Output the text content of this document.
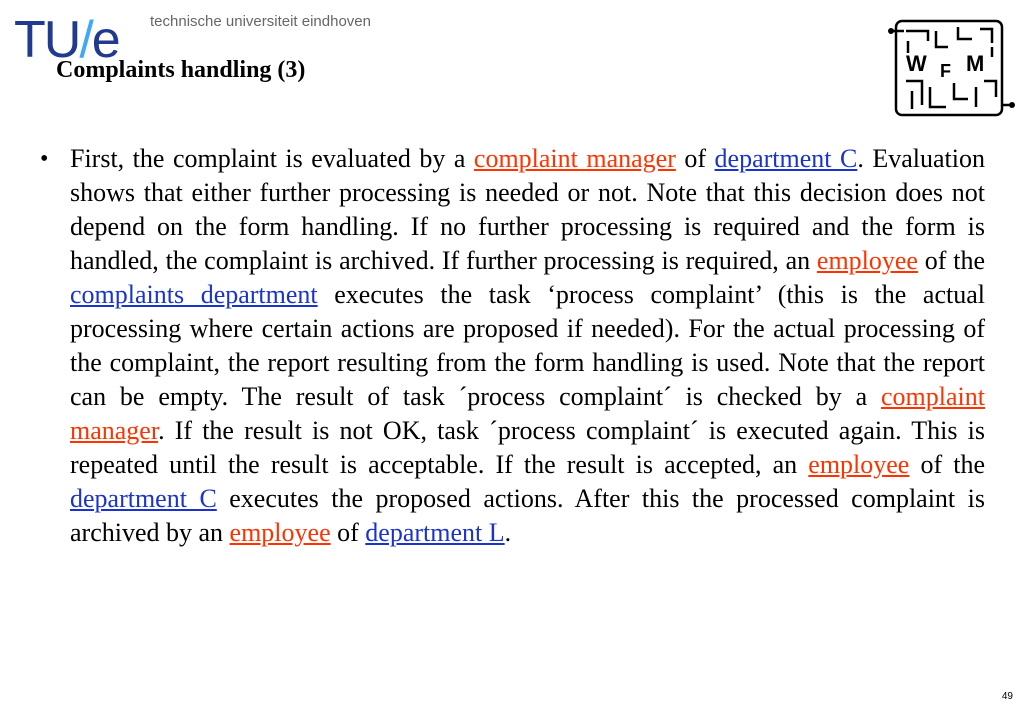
TU/e technische universiteit eindhoven
Complaints handling (3)	W F M
• First, the complaint is evaluated by a complaint manager of department C. Evaluation shows that either further processing is needed or not. Note that this decision does not depend on the form handling. If no further processing is required and the form is handled, the complaint is archived. If further processing is required, an employee of the complaints department executes the task ‘process complaint’ (this is the actual processing where certain actions are proposed if needed). For the actual processing of the complaint, the report resulting from the form handling is used. Note that the report can be empty. The result of task ´process complaint´ is checked by a complaint manager. If the result is not OK, task ´process complaint´ is executed again. This is repeated until the result is acceptable. If the result is accepted, an employee of the department C executes the proposed actions. After this the processed complaint is archived by an employee of department L.

49
